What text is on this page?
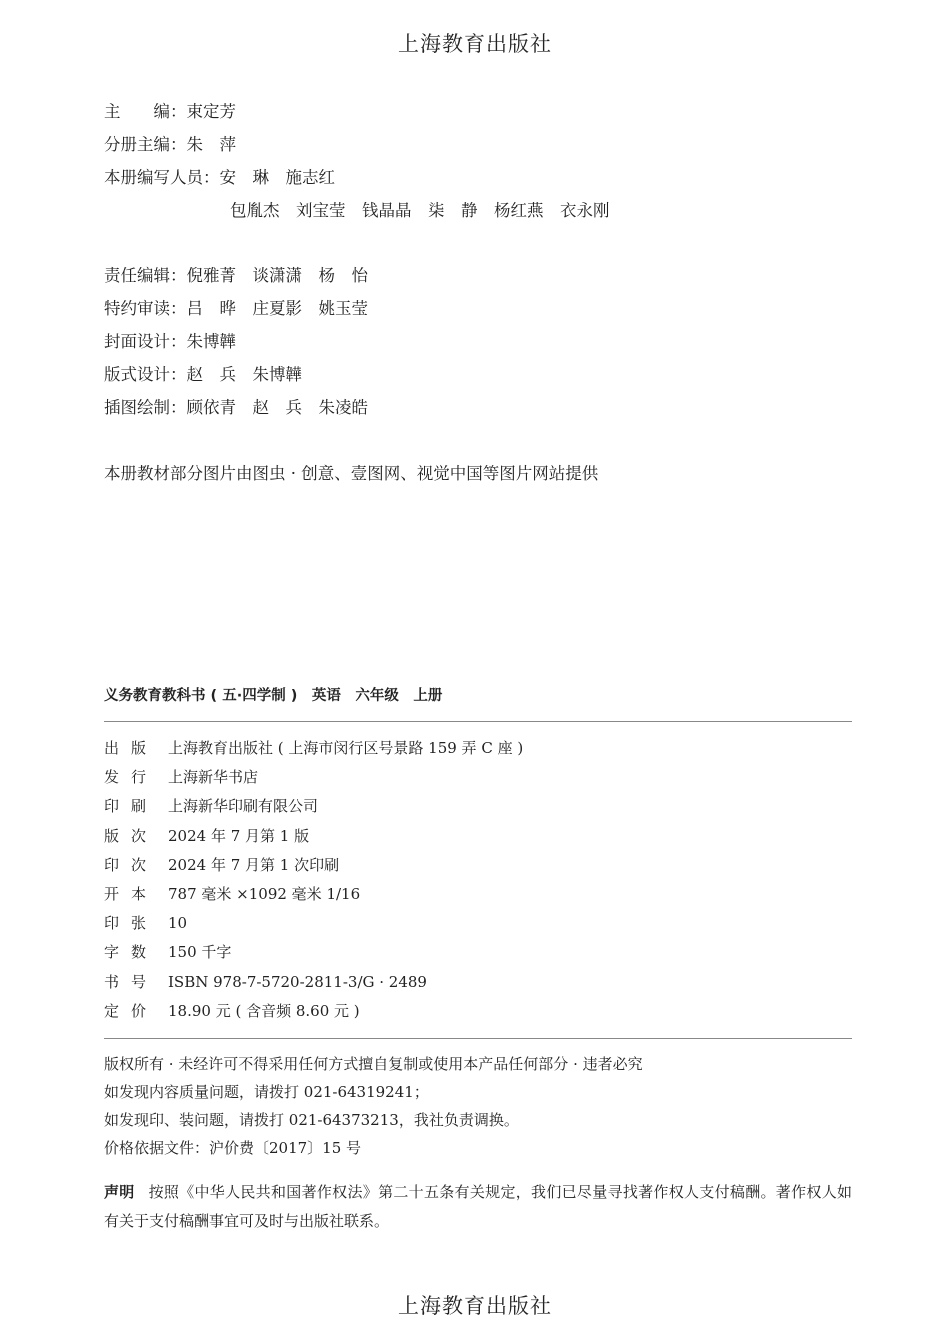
上海教育出版社
主　　编：束定芳
分册主编：朱　萍
本册编写人员：安　琳　施志红
包胤杰　刘宝莹　钱晶晶　柒　静　杨红燕　衣永刚
责任编辑：倪雅菁　谈潇潇　杨　怡
特约审读：吕　晔　庄夏影　姚玉莹
封面设计：朱博韡
版式设计：赵　兵　朱博韡
插图绘制：顾依青　赵　兵　朱凌皓
本册教材部分图片由图虫 · 创意、壹图网、视觉中国等图片网站提供
义务教育教科书 ( 五·四学制 )　英语　六年级　上册
出版 上海教育出版社 ( 上海市闵行区号景路 159 弄 C 座 )
发行 上海新华书店
印刷 上海新华印刷有限公司
版次 2024 年 7 月第 1 版
印次 2024 年 7 月第 1 次印刷
开本 787 毫米 ×1092 毫米 1/16
印张 10
字数 150 千字
书号 ISBN 978-7-5720-2811-3/G · 2489
定价 18.90 元 ( 含音频 8.60 元 )
版权所有 · 未经许可不得采用任何方式擅自复制或使用本产品任何部分 · 违者必究
如发现内容质量问题，请拨打 021-64319241；
如发现印、装问题，请拨打 021-64373213，我社负责调换。
价格依据文件：沪价费〔2017〕15 号
声明 按照《中华人民共和国著作权法》第二十五条有关规定，我们已尽量寻找著作权人支付稿酬。著作权人如有关于支付稿酬事宜可及时与出版社联系。
上海教育出版社
